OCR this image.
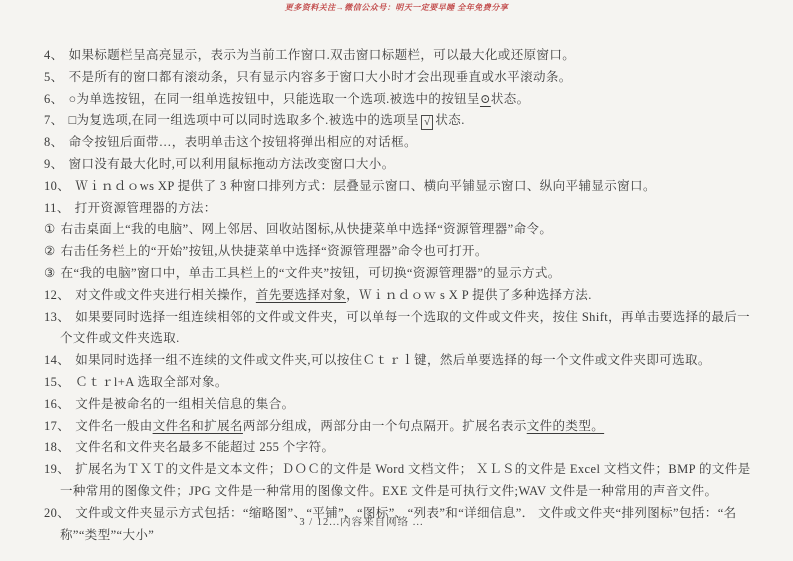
更多资料关注→微信公众号：明天一定要早睡 全年免费分享
4、 如果标题栏呈高亮显示，表示为当前工作窗口.双击窗口标题栏，可以最大化或还原窗口。
5、 不是所有的窗口都有滚动条，只有显示内容多于窗口大小时才会出现垂直或水平滚动条。
6、 ○为单选按钮，在同一组单选按钮中，只能选取一个选项.被选中的按钮呈⊙状态。
7、 □为复选项,在同一组选项中可以同时选取多个.被选中的选项呈 √ 状态.
8、 命令按钮后面带…，表明单击这个按钮将弹出相应的对话框。
9、 窗口没有最大化时,可以利用鼠标拖动方法改变窗口大小。
10、 Ｗｉｎｄｏws XP 提供了 3 种窗口排列方式：层叠显示窗口、横向平铺显示窗口、纵向平辅显示窗口。
11、 打开资源管理器的方法：
① 右击桌面上“我的电脑”、网上邻居、回收站图标,从快捷菜单中选择“资源管理器”命令。
② 右击任务栏上的“开始”按钮,从快捷菜单中选择“资源管理器”命令也可打开。
③ 在“我的电脑”窗口中，单击工具栏上的“文件夹”按钮，可切换“资源管理器”的显示方式。
12、 对文件或文件夹进行相关操作，首先要选择对象，Ｗｉｎｄｏｗ s X P 提供了多种选择方法.
13、 如果要同时选择一组连续相邻的文件或文件夹，可以单每一个选取的文件或文件夹，按住 Shift，再单击要选择的最后一个文件或文件夹选取.
14、 如果同时选择一组不连续的文件或文件夹,可以按住Ｃｔｒｌ键，然后单要选择的每一个文件或文件夹即可选取。
15、 Ｃｔｒl+A 选取全部对象。
16、 文件是被命名的一组相关信息的集合。
17、 文件名一般由文件名和扩展名两部分组成，两部分由一个句点隔开。扩展名表示文件的类型。
18、 文件名和文件夹名最多不能超过 255 个字符。
19、 扩展名为ＴＸＴ的文件是文本文件；ＤＯＣ的文件是 Word 文档文件； ＸＬＳ的文件是 Excel 文档文件；BMP 的文件是一种常用的图像文件；JPG 文件是一种常用的图像文件。EXE 文件是可执行文件;WAV 文件是一种常用的声音文件。
20、 文件或文件夹显示方式包括：“缩略图”、“平铺”、“图标”、“列表”和“详细信息”． 文件或文件夹“排列图标”包括：“名称”“类型”“大小”
3 / 12...内容来自网络 ...
